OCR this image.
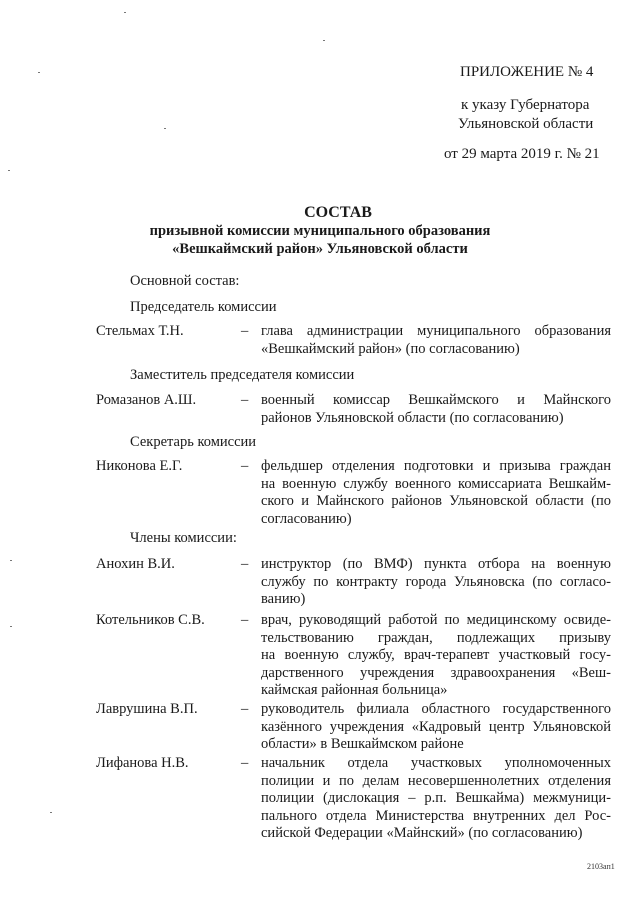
ПРИЛОЖЕНИЕ № 4
к указу Губернатора
Ульяновской области
от 29 марта 2019 г. № 21
СОСТАВ
призывной комиссии муниципального образования
«Вешкаймский район» Ульяновской области
Основной состав:
Председатель комиссии
Стельмах Т.Н.	– глава администрации муниципального образования
«Вешкаймский район» (по согласованию)
Заместитель председателя комиссии
Ромазанов А.Ш.	– военный комиссар Вешкаймского и Майнского
районов Ульяновской области (по согласованию)
Секретарь комиссии
Никонова Е.Г.	– фельдшер отделения подготовки и призыва граждан
на военную службу военного комиссариата Вешкайм-
ского и Майнского районов Ульяновской области (по
согласованию)
Члены комиссии:
Анохин В.И.	– инструктор (по ВМФ) пункта отбора на военную
службу по контракту города Ульяновска (по согласо-
ванию)
Котельников С.В. – врач, руководящий работой по медицинскому освиде-
тельствованию граждан, подлежащих призыву
на военную службу, врач-терапевт участковый госу-
дарственного учреждения здравоохранения «Веш-
каймская районная больница»
Лаврушина В.П.	– руководитель филиала областного государственного
казённого учреждения «Кадровый центр Ульяновской
области» в Вешкаймском районе
Лифанова Н.В.	– начальник отдела участковых уполномоченных
полиции и по делам несовершеннолетних отделения
полиции (дислокация – р.п. Вешкайма) межмуници-
пального отдела Министерства внутренних дел Рос-
сийской Федерации «Майнский» (по согласованию)
2103ап1
